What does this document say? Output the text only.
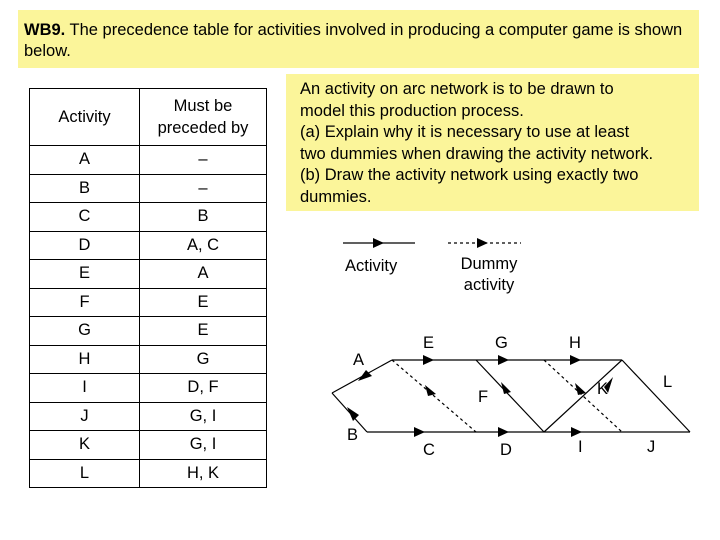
WB9. The precedence table for activities involved in producing a computer game is shown below.
An activity on arc network is to be drawn to
model this production process.
(a) Explain why it is necessary to use at least
two dummies when drawing the activity network.
(b) Draw the activity network using exactly two
dummies.
Activity	Must be preceded by

A	–
B	–
C	B
D	A, C
E	A
F	E
G	E
H	G
I	D, F
J	G, I
K	G, I
L	H, K
Activity	Dummy
activity
A
B
E	G	H
F	K	L
C	D	I	J
